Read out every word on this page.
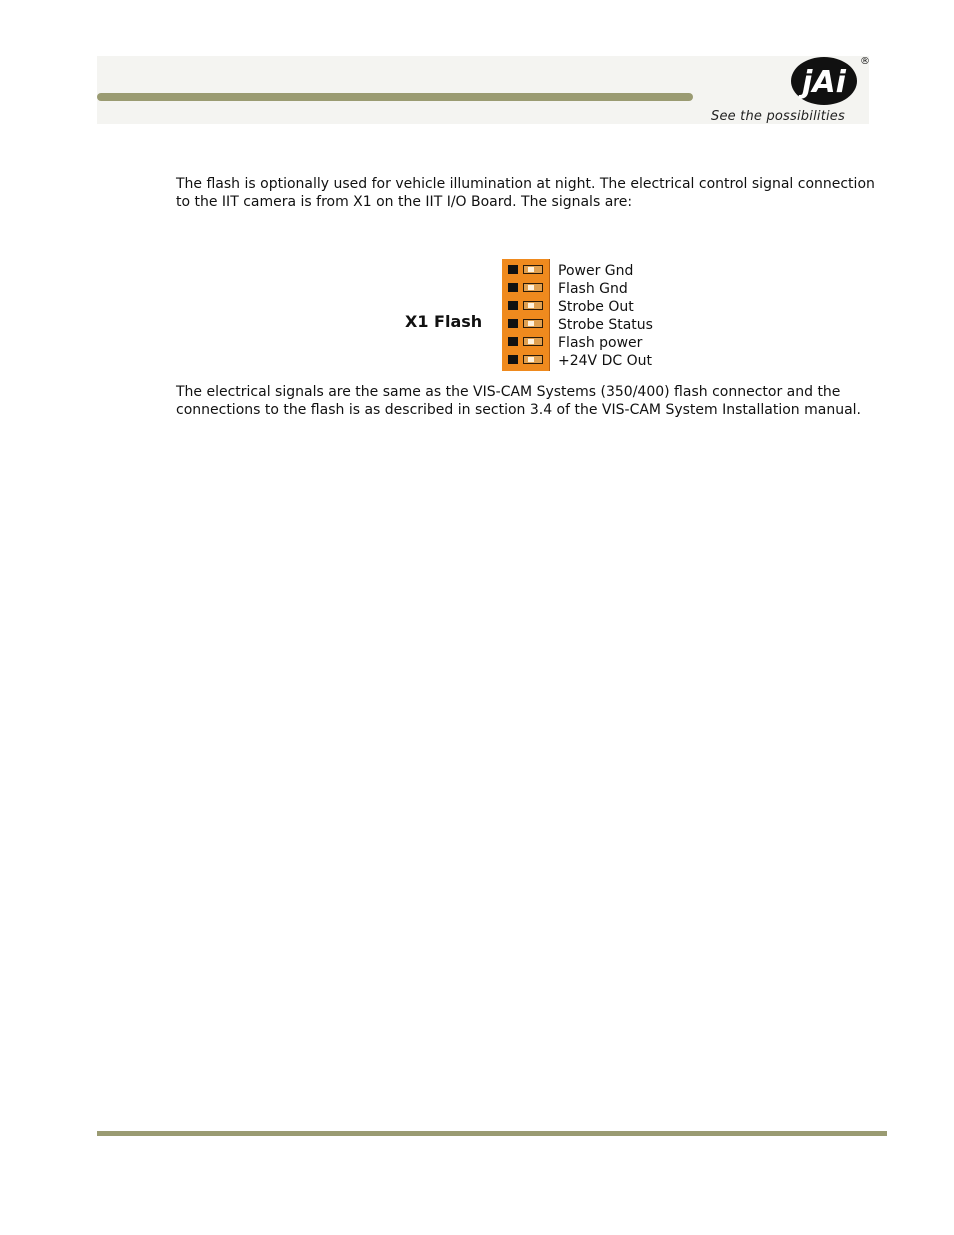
jAi
®
See the possibilities

The flash is optionally used for vehicle illumination at night. The electrical control signal connection to the IIT camera is from X1 on the IIT I/O Board. The signals are:

X1 Flash
Power Gnd
Flash Gnd
Strobe Out
Strobe Status
Flash power
+24V DC Out

The electrical signals are the same as the VIS-CAM Systems (350/400) flash connector and the connections to the flash is as described in section 3.4 of the VIS-CAM System Installation manual.
